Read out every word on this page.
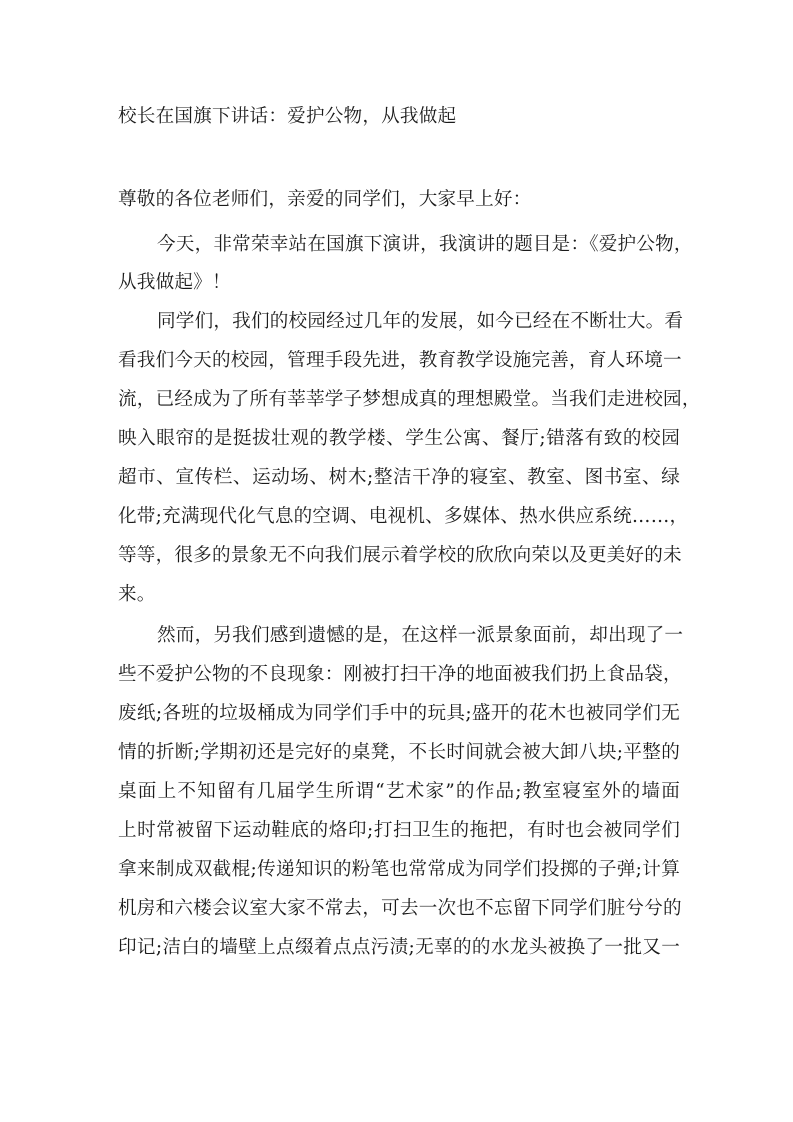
校长在国旗下讲话：爱护公物，从我做起
尊敬的各位老师们，亲爱的同学们，大家早上好：
今天，非常荣幸站在国旗下演讲，我演讲的题目是：《爱护公物，
从我做起》！
同学们，我们的校园经过几年的发展，如今已经在不断壮大。看
看我们今天的校园，管理手段先进，教育教学设施完善，育人环境一
流，已经成为了所有莘莘学子梦想成真的理想殿堂。当我们走进校园，
映入眼帘的是挺拔壮观的教学楼、学生公寓、餐厅;错落有致的校园
超市、宣传栏、运动场、树木;整洁干净的寝室、教室、图书室、绿
化带;充满现代化气息的空调、电视机、多媒体、热水供应系统……，
等等，很多的景象无不向我们展示着学校的欣欣向荣以及更美好的未
来。
然而，另我们感到遗憾的是，在这样一派景象面前，却出现了一
些不爱护公物的不良现象：刚被打扫干净的地面被我们扔上食品袋，
废纸;各班的垃圾桶成为同学们手中的玩具;盛开的花木也被同学们无
情的折断;学期初还是完好的桌凳，不长时间就会被大卸八块;平整的
桌面上不知留有几届学生所谓“艺术家”的作品;教室寝室外的墙面
上时常被留下运动鞋底的烙印;打扫卫生的拖把，有时也会被同学们
拿来制成双截棍;传递知识的粉笔也常常成为同学们投掷的子弹;计算
机房和六楼会议室大家不常去，可去一次也不忘留下同学们脏兮兮的
印记;洁白的墙壁上点缀着点点污渍;无辜的的水龙头被换了一批又一
